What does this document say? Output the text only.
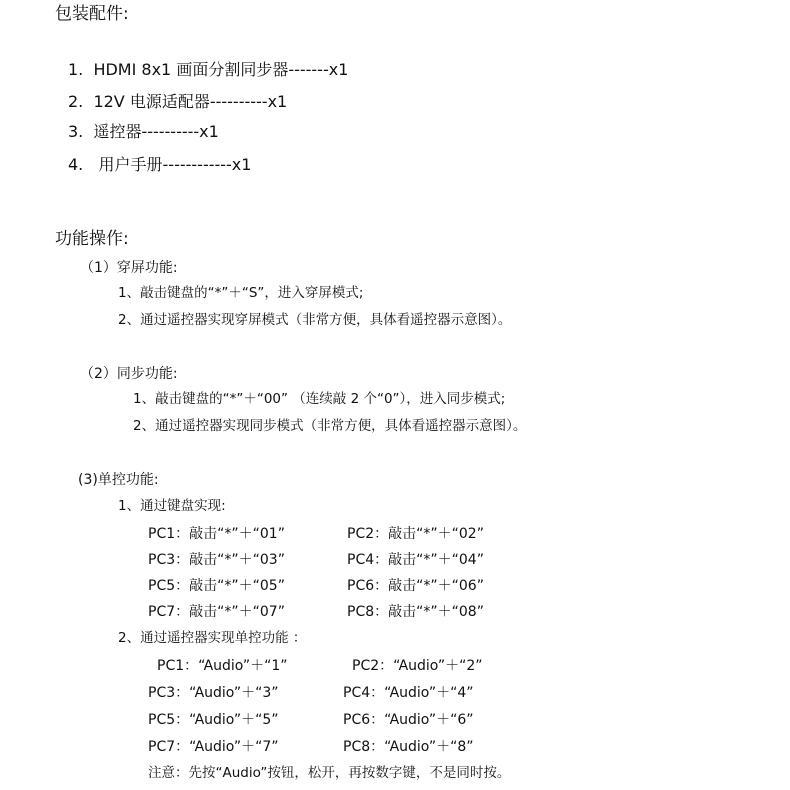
包装配件:
1.  HDMI 8x1 画面分割同步器-------x1
2.  12V 电源适配器----------x1
3.  遥控器----------x1
4.   用户手册------------x1
功能操作:
（1）穿屏功能:
1、敲击键盘的“*”＋“S”，进入穿屏模式;
2、通过遥控器实现穿屏模式（非常方便，具体看遥控器示意图）。
（2）同步功能:
1、敲击键盘的“*”＋“00” （连续敲 2 个“0”），进入同步模式;
2、通过遥控器实现同步模式（非常方便，具体看遥控器示意图）。
(3)单控功能:
1、通过键盘实现:
PC1：敲击“*”＋“01”	PC2：敲击“*”＋“02”
PC3：敲击“*”＋“03”	PC4：敲击“*”＋“04”
PC5：敲击“*”＋“05”	PC6：敲击“*”＋“06”
PC7：敲击“*”＋“07”	PC8：敲击“*”＋“08”
2、通过遥控器实现单控功能 ：
PC1：“Audio”＋“1”	PC2：“Audio”＋“2”
PC3：“Audio”＋“3”	PC4：“Audio”＋“4”
PC5：“Audio”＋“5”	PC6：“Audio”＋“6”
PC7：“Audio”＋“7”	PC8：“Audio”＋“8”
注意：先按“Audio”按钮，松开，再按数字键，不是同时按。
